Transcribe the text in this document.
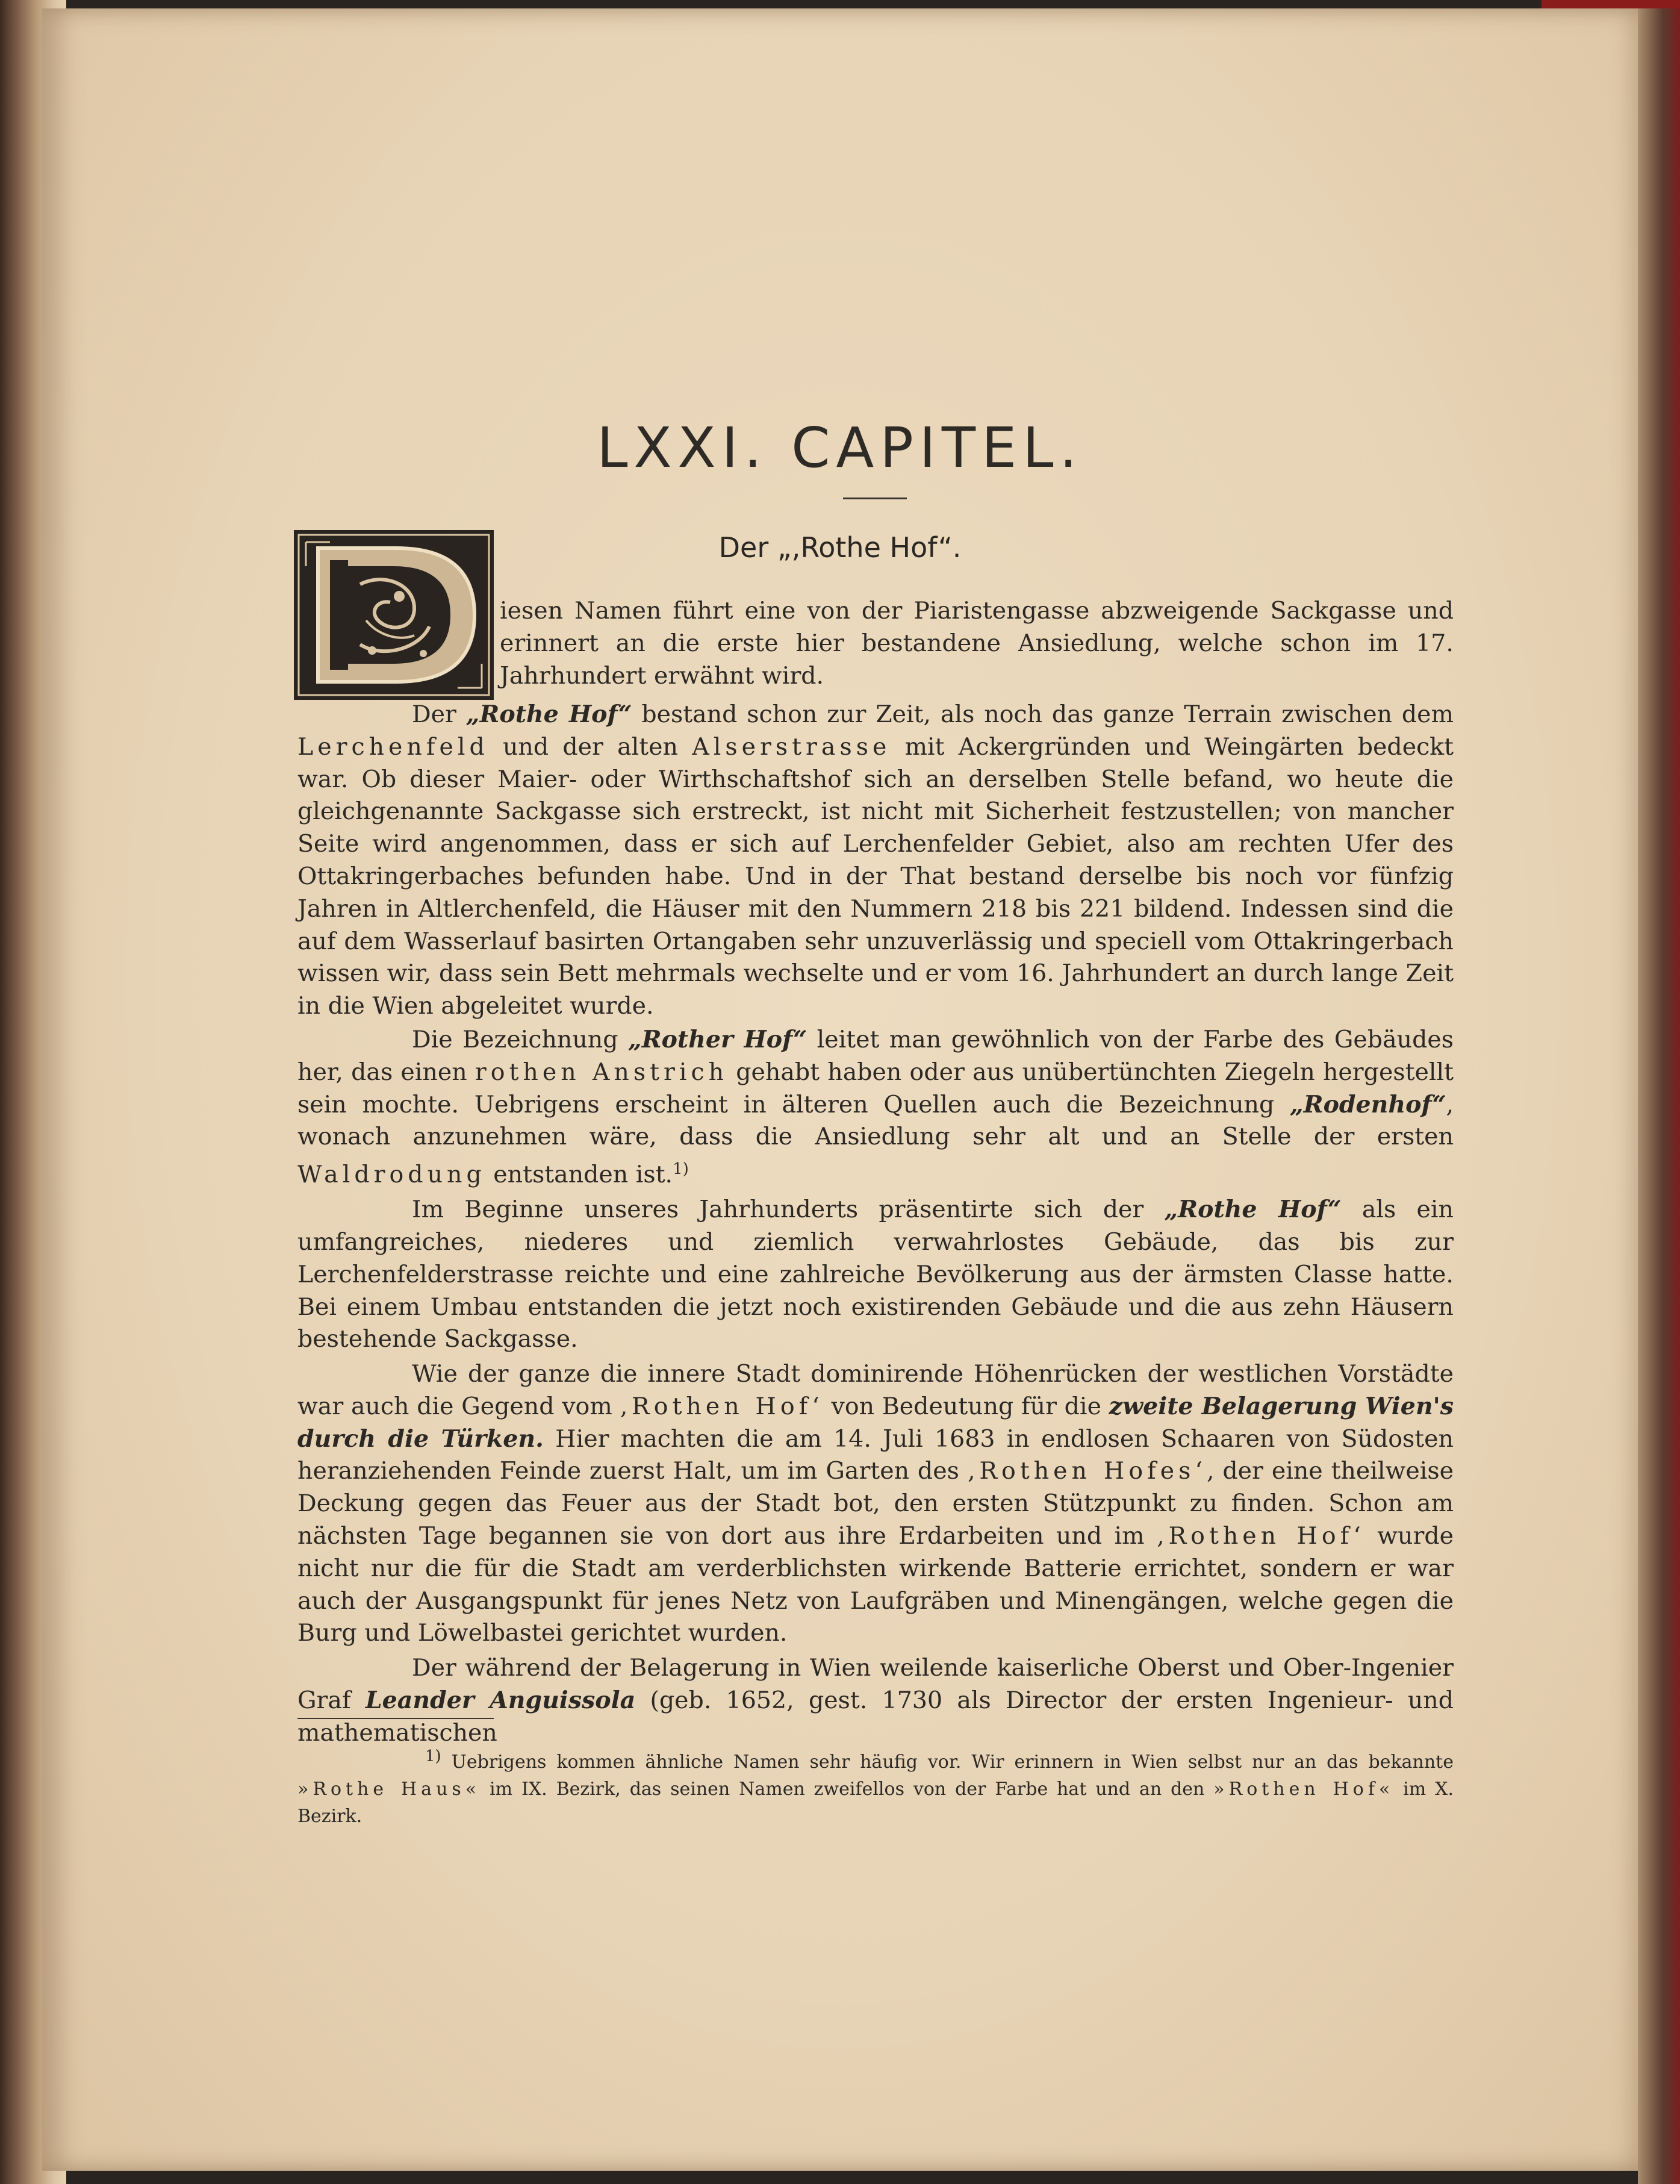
LXXI. CAPITEL.
Der „,Rothe Hof“.

iesen Namen führt eine von der Piaristengasse abzweigende Sackgasse und erinnert an die erste hier bestandene Ansiedlung, welche schon im 17. Jahrhundert erwähnt wird.

Der „Rothe Hof“ bestand schon zur Zeit, als noch das ganze Terrain zwischen dem Lerchenfeld und der alten Alserstrasse mit Ackergründen und Weingärten bedeckt war. Ob dieser Maier- oder Wirthschaftshof sich an derselben Stelle befand, wo heute die gleichgenannte Sackgasse sich erstreckt, ist nicht mit Sicherheit festzustellen; von mancher Seite wird angenommen, dass er sich auf Lerchenfelder Gebiet, also am rechten Ufer des Ottakringerbaches befunden habe. Und in der That bestand derselbe bis noch vor fünfzig Jahren in Altlerchenfeld, die Häuser mit den Nummern 218 bis 221 bildend. Indessen sind die auf dem Wasserlauf basirten Ortangaben sehr unzuverlässig und speciell vom Ottakringerbach wissen wir, dass sein Bett mehrmals wechselte und er vom 16. Jahrhundert an durch lange Zeit in die Wien abgeleitet wurde.

Die Bezeichnung „Rother Hof“ leitet man gewöhnlich von der Farbe des Gebäudes her, das einen rothen Anstrich gehabt haben oder aus unübertünchten Ziegeln hergestellt sein mochte. Uebrigens erscheint in älteren Quellen auch die Bezeichnung „Rodenhof“, wonach anzunehmen wäre, dass die Ansiedlung sehr alt und an Stelle der ersten Waldrodung entstanden ist.$^{1)}$

Im Beginne unseres Jahrhunderts präsentirte sich der „Rothe Hof“ als ein umfangreiches, niederes und ziemlich verwahrlostes Gebäude, das bis zur Lerchenfelderstrasse reichte und eine zahlreiche Bevölkerung aus der ärmsten Classe hatte. Bei einem Umbau entstanden die jetzt noch existirenden Gebäude und die aus zehn Häusern bestehende Sackgasse.

Wie der ganze die innere Stadt dominirende Höhenrücken der westlichen Vorstädte war auch die Gegend vom ‚Rothen Hof‘ von Bedeutung für die zweite Belagerung Wien's durch die Türken. Hier machten die am 14. Juli 1683 in endlosen Schaaren von Südosten heranziehenden Feinde zuerst Halt, um im Garten des ‚Rothen Hofes‘, der eine theilweise Deckung gegen das Feuer aus der Stadt bot, den ersten Stützpunkt zu finden. Schon am nächsten Tage begannen sie von dort aus ihre Erdarbeiten und im ‚Rothen Hof‘ wurde nicht nur die für die Stadt am verderblichsten wirkende Batterie errichtet, sondern er war auch der Ausgangspunkt für jenes Netz von Laufgräben und Minengängen, welche gegen die Burg und Löwelbastei gerichtet wurden.

Der während der Belagerung in Wien weilende kaiserliche Oberst und Ober-Ingenier Graf Leander Anguissola (geb. 1652, gest. 1730 als Director der ersten Ingenieur- und mathematischen

$^{1)}$ Uebrigens kommen ähnliche Namen sehr häufig vor. Wir erinnern in Wien selbst nur an das bekannte »Rothe Haus« im IX. Bezirk, das seinen Namen zweifellos von der Farbe hat und an den »Rothen Hof« im X. Bezirk.
